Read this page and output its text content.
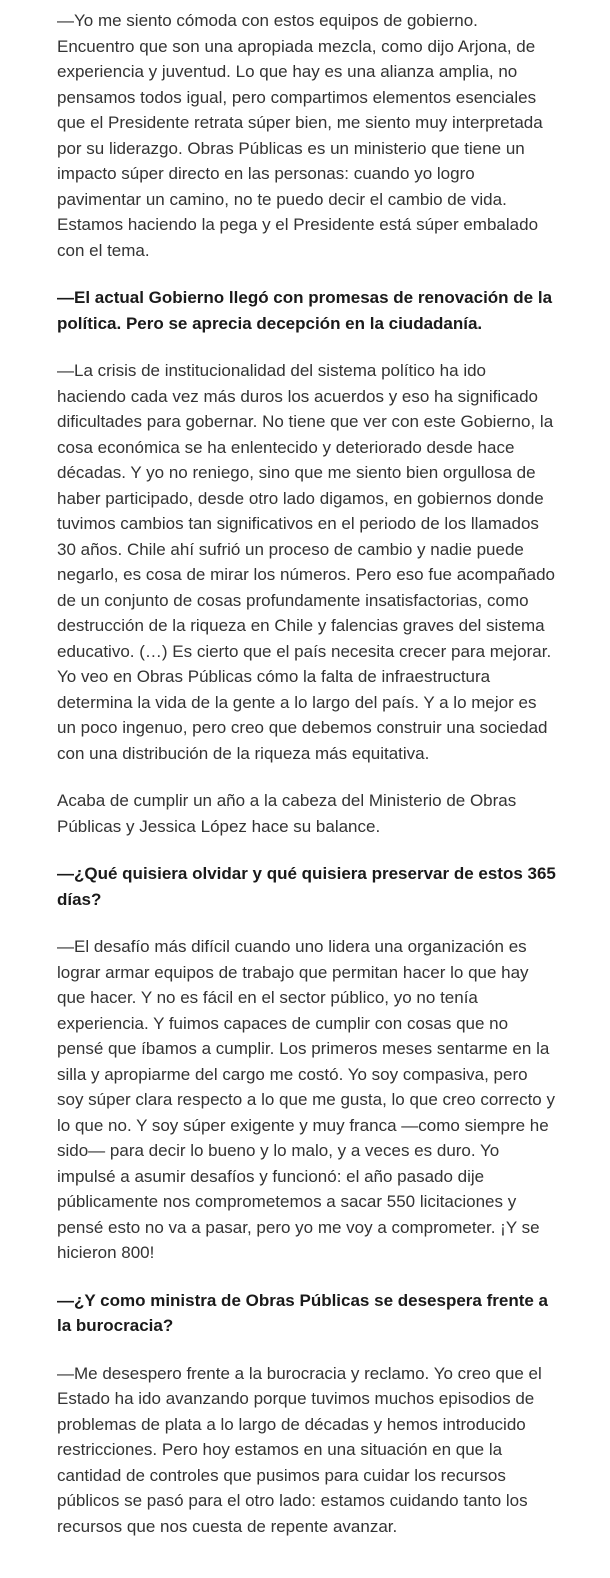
—Yo me siento cómoda con estos equipos de gobierno. Encuentro que son una apropiada mezcla, como dijo Arjona, de experiencia y juventud. Lo que hay es una alianza amplia, no pensamos todos igual, pero compartimos elementos esenciales que el Presidente retrata súper bien, me siento muy interpretada por su liderazgo. Obras Públicas es un ministerio que tiene un impacto súper directo en las personas: cuando yo logro pavimentar un camino, no te puedo decir el cambio de vida. Estamos haciendo la pega y el Presidente está súper embalado con el tema.

—El actual Gobierno llegó con promesas de renovación de la política. Pero se aprecia decepción en la ciudadanía.

—La crisis de institucionalidad del sistema político ha ido haciendo cada vez más duros los acuerdos y eso ha significado dificultades para gobernar. No tiene que ver con este Gobierno, la cosa económica se ha enlentecido y deteriorado desde hace décadas. Y yo no reniego, sino que me siento bien orgullosa de haber participado, desde otro lado digamos, en gobiernos donde tuvimos cambios tan significativos en el periodo de los llamados 30 años. Chile ahí sufrió un proceso de cambio y nadie puede negarlo, es cosa de mirar los números. Pero eso fue acompañado de un conjunto de cosas profundamente insatisfactorias, como destrucción de la riqueza en Chile y falencias graves del sistema educativo. (…) Es cierto que el país necesita crecer para mejorar. Yo veo en Obras Públicas cómo la falta de infraestructura determina la vida de la gente a lo largo del país. Y a lo mejor es un poco ingenuo, pero creo que debemos construir una sociedad con una distribución de la riqueza más equitativa.

Acaba de cumplir un año a la cabeza del Ministerio de Obras Públicas y Jessica López hace su balance.

—¿Qué quisiera olvidar y qué quisiera preservar de estos 365 días?

—El desafío más difícil cuando uno lidera una organización es lograr armar equipos de trabajo que permitan hacer lo que hay que hacer. Y no es fácil en el sector público, yo no tenía experiencia. Y fuimos capaces de cumplir con cosas que no pensé que íbamos a cumplir. Los primeros meses sentarme en la silla y apropiarme del cargo me costó. Yo soy compasiva, pero soy súper clara respecto a lo que me gusta, lo que creo correcto y lo que no. Y soy súper exigente y muy franca —como siempre he sido— para decir lo bueno y lo malo, y a veces es duro. Yo impulsé a asumir desafíos y funcionó: el año pasado dije públicamente nos comprometemos a sacar 550 licitaciones y pensé esto no va a pasar, pero yo me voy a comprometer. ¡Y se hicieron 800!

—¿Y como ministra de Obras Públicas se desespera frente a la burocracia?

—Me desespero frente a la burocracia y reclamo. Yo creo que el Estado ha ido avanzando porque tuvimos muchos episodios de problemas de plata a lo largo de décadas y hemos introducido restricciones. Pero hoy estamos en una situación en que la cantidad de controles que pusimos para cuidar los recursos públicos se pasó para el otro lado: estamos cuidando tanto los recursos que nos cuesta de repente avanzar.
